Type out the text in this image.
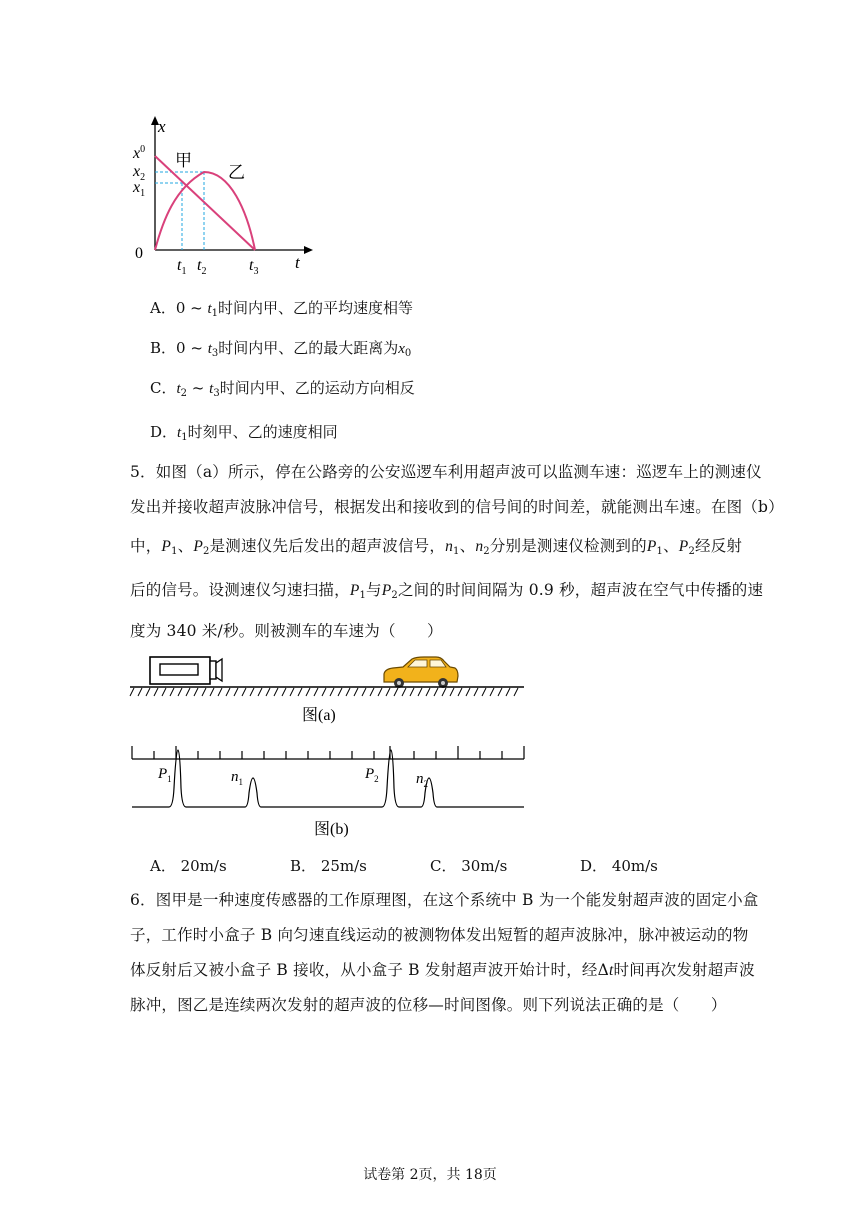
x
t
0
$x^0$
$x_2$
$x_1$
$t_1$ $t_2$	$t_3$
甲
乙
A．0 ~ $t_1$时间内甲、乙的平均速度相等
B．0 ~ $t_3$时间内甲、乙的最大距离为$x_0$
C．$t_2$ ~ $t_3$时间内甲、乙的运动方向相反
D．$t_1$时刻甲、乙的速度相同
5．如图（a）所示，停在公路旁的公安巡逻车利用超声波可以监测车速：巡逻车上的测速仪
发出并接收超声波脉冲信号，根据发出和接收到的信号间的时间差，就能测出车速。在图（b）
中，$P_1$、$P_2$是测速仪先后发出的超声波信号，$n_1$、$n_2$分别是测速仪检测到的$P_1$、$P_2$经反射
后的信号。设测速仪匀速扫描，$P_1$与$P_2$之间的时间间隔为 0.9 秒，超声波在空气中传播的速
度为 340 米/秒。则被测车的车速为（　　）
图(a)
$P_1$	$n_1$	$P_2$ $n_2$
图(b)
A． 20m/s	B． 25m/s	C． 30m/s	D． 40m/s
6．图甲是一种速度传感器的工作原理图，在这个系统中 B 为一个能发射超声波的固定小盒
子，工作时小盒子 B 向匀速直线运动的被测物体发出短暂的超声波脉冲，脉冲被运动的物
体反射后又被小盒子 B 接收，从小盒子 B 发射超声波开始计时，经Δt时间再次发射超声波
脉冲，图乙是连续两次发射的超声波的位移—时间图像。则下列说法正确的是（　　）
试卷第 2页，共 18页
